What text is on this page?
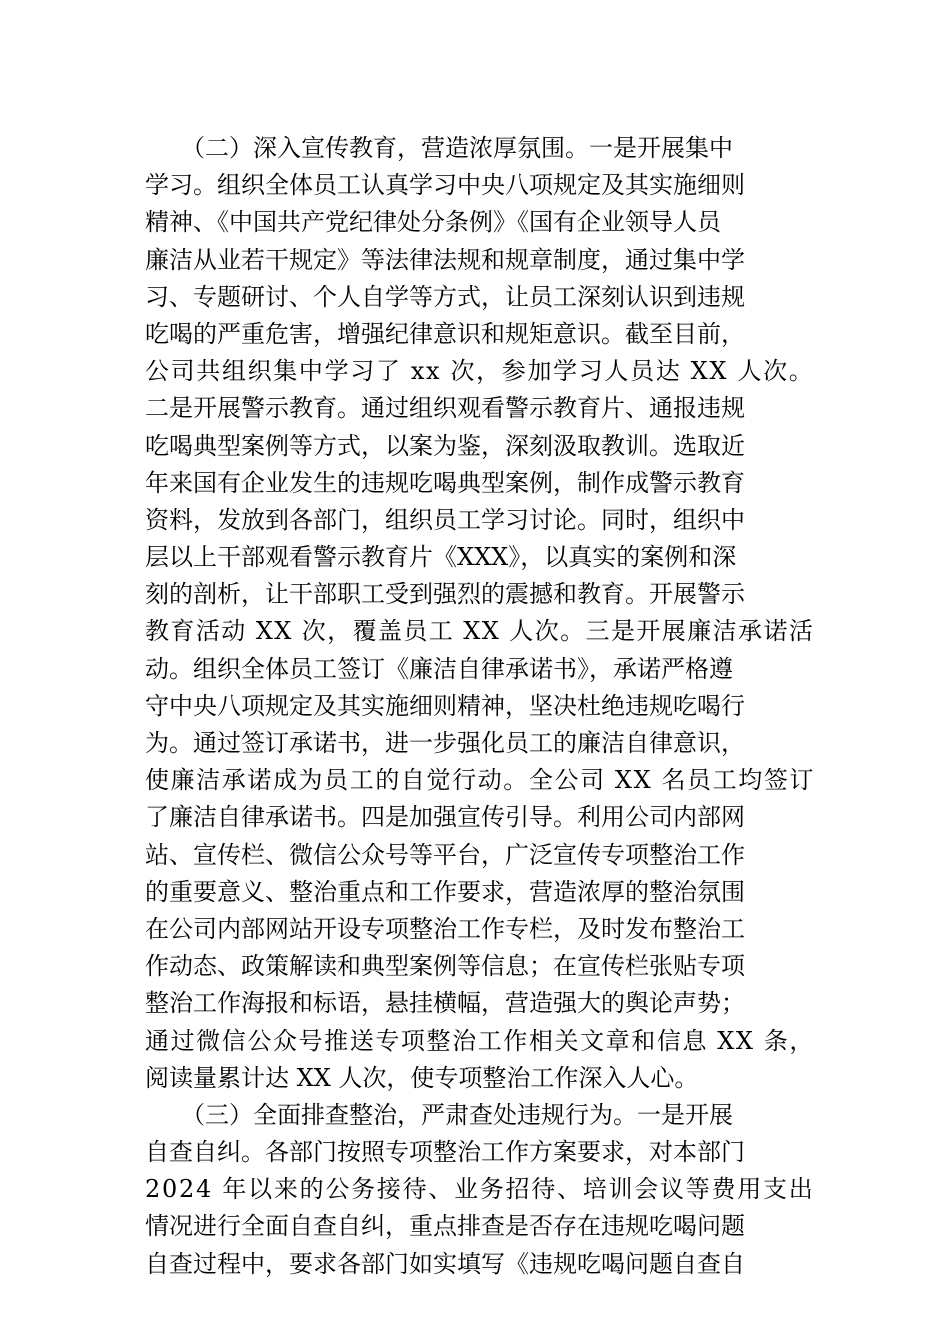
　　（二）深入宣传教育，营造浓厚氛围。一是开展集中
学习。组织全体员工认真学习中央八项规定及其实施细则
精神、《中国共产党纪律处分条例》《国有企业领导人员
廉洁从业若干规定》等法律法规和规章制度，通过集中学
习、专题研讨、个人自学等方式，让员工深刻认识到违规
吃喝的严重危害，增强纪律意识和规矩意识。截至目前，
公司共组织集中学习了 xx 次，参加学习人员达 XX 人次。
二是开展警示教育。通过组织观看警示教育片、通报违规
吃喝典型案例等方式，以案为鉴，深刻汲取教训。选取近
年来国有企业发生的违规吃喝典型案例，制作成警示教育
资料，发放到各部门，组织员工学习讨论。同时，组织中
层以上干部观看警示教育片《XXX》，以真实的案例和深
刻的剖析，让干部职工受到强烈的震撼和教育。开展警示
教育活动 XX 次，覆盖员工 XX 人次。三是开展廉洁承诺活
动。组织全体员工签订《廉洁自律承诺书》，承诺严格遵
守中央八项规定及其实施细则精神，坚决杜绝违规吃喝行
为。通过签订承诺书，进一步强化员工的廉洁自律意识，
使廉洁承诺成为员工的自觉行动。全公司 XX 名员工均签订
了廉洁自律承诺书。四是加强宣传引导。利用公司内部网
站、宣传栏、微信公众号等平台，广泛宣传专项整治工作
的重要意义、整治重点和工作要求，营造浓厚的整治氛围
在公司内部网站开设专项整治工作专栏，及时发布整治工
作动态、政策解读和典型案例等信息；在宣传栏张贴专项
整治工作海报和标语，悬挂横幅，营造强大的舆论声势；
通过微信公众号推送专项整治工作相关文章和信息 XX 条，
阅读量累计达 XX 人次，使专项整治工作深入人心。
　　（三）全面排查整治，严肃查处违规行为。一是开展
自查自纠。各部门按照专项整治工作方案要求，对本部门
2024 年以来的公务接待、业务招待、培训会议等费用支出
情况进行全面自查自纠，重点排查是否存在违规吃喝问题
自查过程中，要求各部门如实填写《违规吃喝问题自查自
